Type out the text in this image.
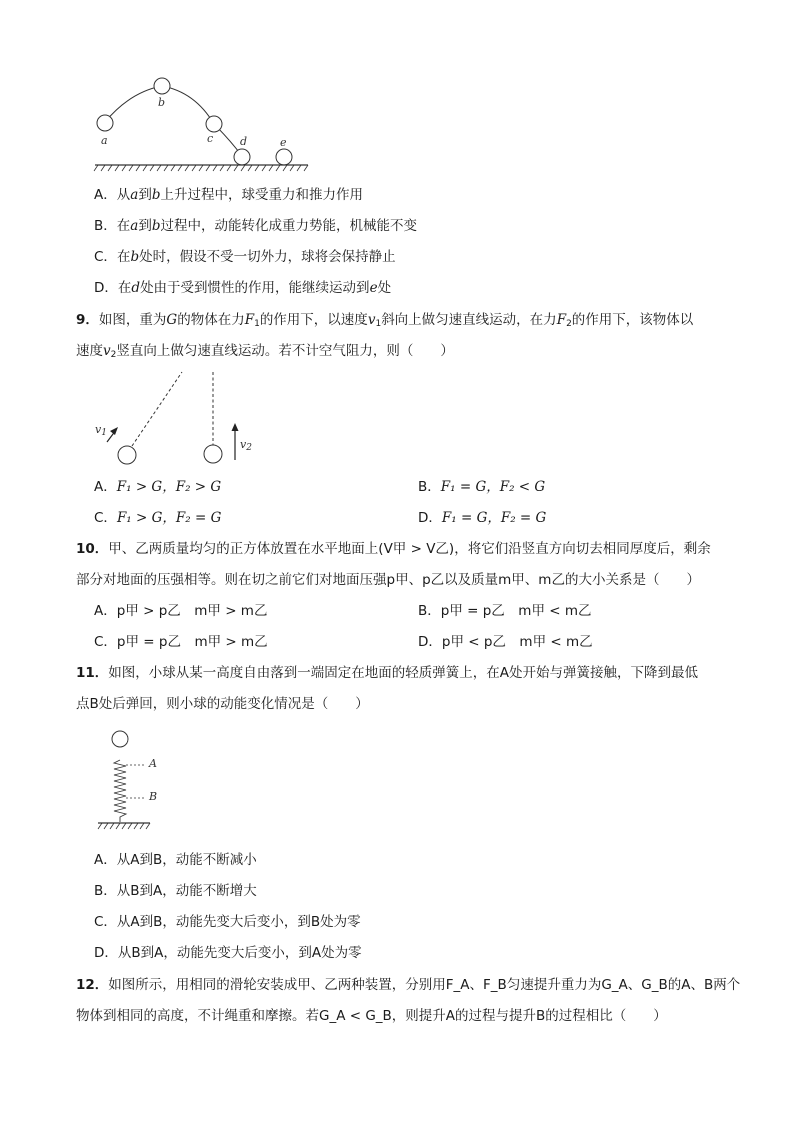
a
b
c d	e
A．从a到b上升过程中，球受重力和推力作用
B．在a到b过程中，动能转化成重力势能，机械能不变
C．在b处时，假设不受一切外力，球将会保持静止
D．在d处由于受到惯性的作用，能继续运动到e处
9．如图，重为G的物体在力$F_1$的作用下，以速度$v_1$斜向上做匀速直线运动，在力$F_2$的作用下，该物体以
速度$v_2$竖直向上做匀速直线运动。若不计空气阻力，则（　　）
$v_1$
$v_2$
A．F₁ > G，F₂ > G	B．F₁ = G，F₂ < G
C．F₁ > G，F₂ = G	D．F₁ = G，F₂ = G
10．甲、乙两质量均匀的正方体放置在水平地面上(V甲 > V乙)，将它们沿竖直方向切去相同厚度后，剩余
部分对地面的压强相等。则在切之前它们对地面压强p甲、p乙以及质量m甲、m乙的大小关系是（　　）
A．p甲 > p乙　m甲 > m乙	B．p甲 = p乙　m甲 < m乙
C．p甲 = p乙　m甲 > m乙	D．p甲 < p乙　m甲 < m乙
11．如图，小球从某一高度自由落到一端固定在地面的轻质弹簧上，在A处开始与弹簧接触，下降到最低
点B处后弹回，则小球的动能变化情况是（　　）
A
B
A．从A到B，动能不断减小
B．从B到A，动能不断增大
C．从A到B，动能先变大后变小，到B处为零
D．从B到A，动能先变大后变小，到A处为零
12．如图所示，用相同的滑轮安装成甲、乙两种装置，分别用F_A、F_B匀速提升重力为G_A、G_B的A、B两个
物体到相同的高度，不计绳重和摩擦。若G_A < G_B，则提升A的过程与提升B的过程相比（　　）
